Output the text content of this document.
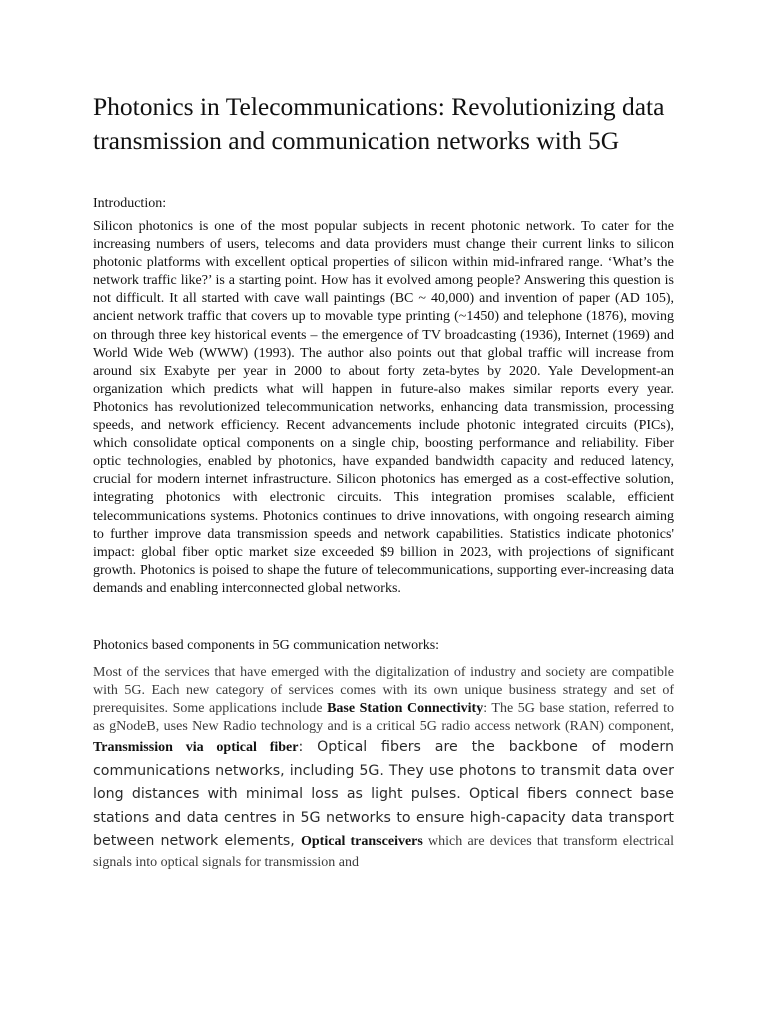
Photonics in Telecommunications: Revolutionizing data transmission and communication networks with 5G

Introduction:

Silicon photonics is one of the most popular subjects in recent photonic network. To cater for the increasing numbers of users, telecoms and data providers must change their current links to silicon photonic platforms with excellent optical properties of silicon within mid-infrared range. ‘What’s the network traffic like?’ is a starting point. How has it evolved among people? Answering this question is not difficult. It all started with cave wall paintings (BC ~ 40,000) and invention of paper (AD 105), ancient network traffic that covers up to movable type printing (~1450) and telephone (1876), moving on through three key historical events – the emergence of TV broadcasting (1936), Internet (1969) and World Wide Web (WWW) (1993). The author also points out that global traffic will increase from around six Exabyte per year in 2000 to about forty zeta-bytes by 2020. Yale Development-an organization which predicts what will happen in future-also makes similar reports every year. Photonics has revolutionized telecommunication networks, enhancing data transmission, processing speeds, and network efficiency. Recent advancements include photonic integrated circuits (PICs), which consolidate optical components on a single chip, boosting performance and reliability. Fiber optic technologies, enabled by photonics, have expanded bandwidth capacity and reduced latency, crucial for modern internet infrastructure. Silicon photonics has emerged as a cost-effective solution, integrating photonics with electronic circuits. This integration promises scalable, efficient telecommunications systems. Photonics continues to drive innovations, with ongoing research aiming to further improve data transmission speeds and network capabilities. Statistics indicate photonics' impact: global fiber optic market size exceeded $9 billion in 2023, with projections of significant growth. Photonics is poised to shape the future of telecommunications, supporting ever-increasing data demands and enabling interconnected global networks.

Photonics based components in 5G communication networks:

Most of the services that have emerged with the digitalization of industry and society are compatible with 5G. Each new category of services comes with its own unique business strategy and set of prerequisites. Some applications include Base Station Connectivity: The 5G base station, referred to as gNodeB, uses New Radio technology and is a critical 5G radio access network (RAN) component, Transmission via optical fiber: Optical fibers are the backbone of modern communications networks, including 5G. They use photons to transmit data over long distances with minimal loss as light pulses. Optical fibers connect base stations and data centres in 5G networks to ensure high-capacity data transport between network elements, Optical transceivers which are devices that transform electrical signals into optical signals for transmission and
